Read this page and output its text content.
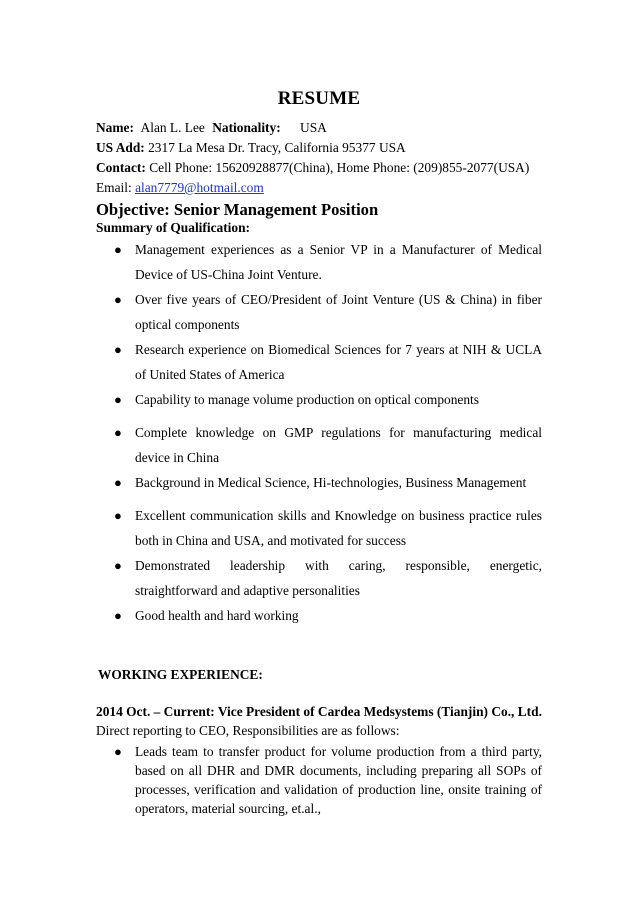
RESUME
Name: Alan L. Lee Nationality: USA
US Add: 2317 La Mesa Dr. Tracy, California 95377 USA
Contact: Cell Phone: 15620928877(China), Home Phone: (209)855-2077(USA)
Email: alan7779@hotmail.com
Objective: Senior Management Position
Summary of Qualification:
● Management experiences as a Senior VP in a Manufacturer of Medical Device of US-China Joint Venture.
● Over five years of CEO/President of Joint Venture (US & China) in fiber optical components
● Research experience on Biomedical Sciences for 7 years at NIH & UCLA of United States of America
● Capability to manage volume production on optical components
● Complete knowledge on GMP regulations for manufacturing medical device in China
● Background in Medical Science, Hi-technologies, Business Management
● Excellent communication skills and Knowledge on business practice rules both in China and USA, and motivated for success
● Demonstrated leadership with caring, responsible, energetic, straightforward and adaptive personalities
● Good health and hard working
WORKING EXPERIENCE:
2014 Oct. – Current: Vice President of Cardea Medsystems (Tianjin) Co., Ltd.
Direct reporting to CEO, Responsibilities are as follows:
● Leads team to transfer product for volume production from a third party, based on all DHR and DMR documents, including preparing all SOPs of processes, verification and validation of production line, onsite training of operators, material sourcing, et.al.,
